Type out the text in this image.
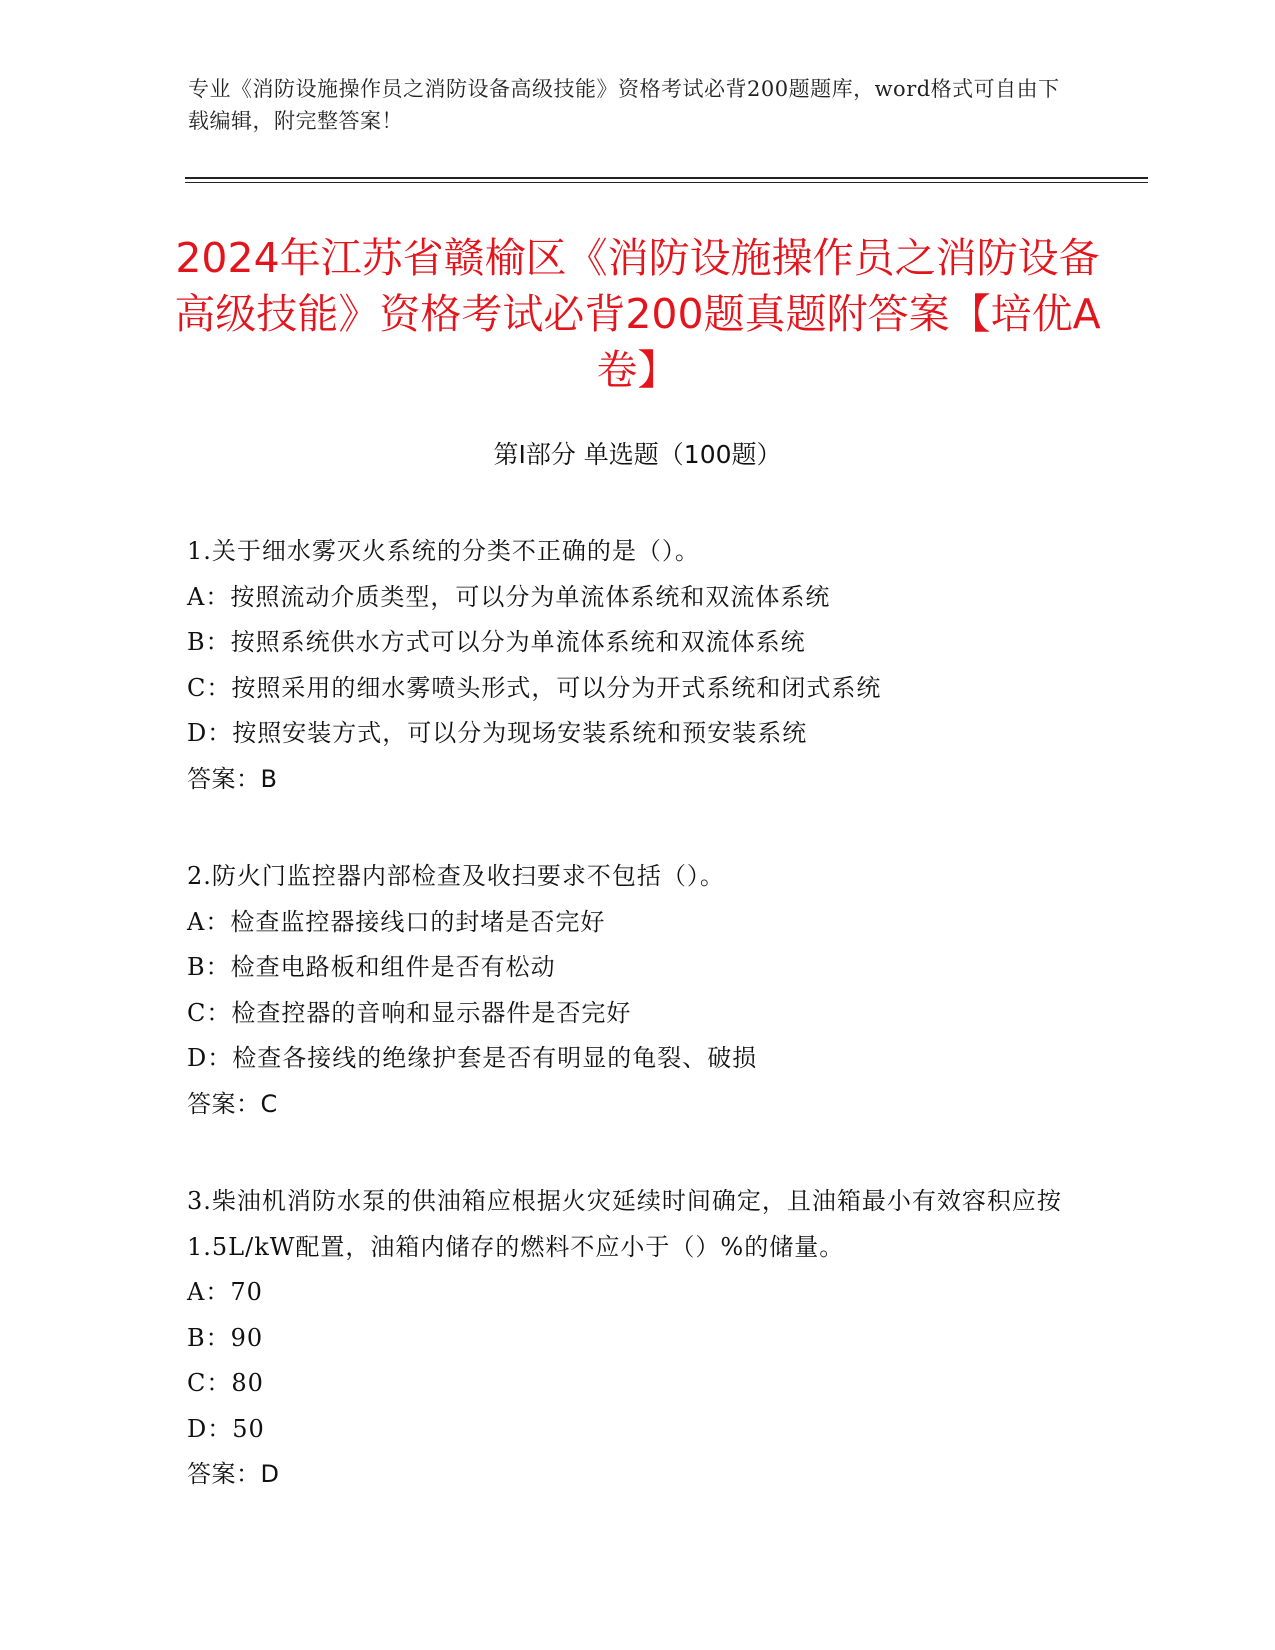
专业《消防设施操作员之消防设备高级技能》资格考试必背200题题库，word格式可自由下载编辑，附完整答案！
2024年江苏省赣榆区《消防设施操作员之消防设备高级技能》资格考试必背200题真题附答案【培优A卷】
第Ⅰ部分 单选题（100题）
1.关于细水雾灭火系统的分类不正确的是（）。
A：按照流动介质类型，可以分为单流体系统和双流体系统
B：按照系统供水方式可以分为单流体系统和双流体系统
C：按照采用的细水雾喷头形式，可以分为开式系统和闭式系统
D：按照安装方式，可以分为现场安装系统和预安装系统
答案：B
2.防火门监控器内部检查及收扫要求不包括（）。
A：检查监控器接线口的封堵是否完好
B：检查电路板和组件是否有松动
C：检查控器的音响和显示器件是否完好
D：检查各接线的绝缘护套是否有明显的龟裂、破损
答案：C
3.柴油机消防水泵的供油箱应根据火灾延续时间确定，且油箱最小有效容积应按1.5L/kW配置，油箱内储存的燃料不应小于（）%的储量。
A：70
B：90
C：80
D：50
答案：D
